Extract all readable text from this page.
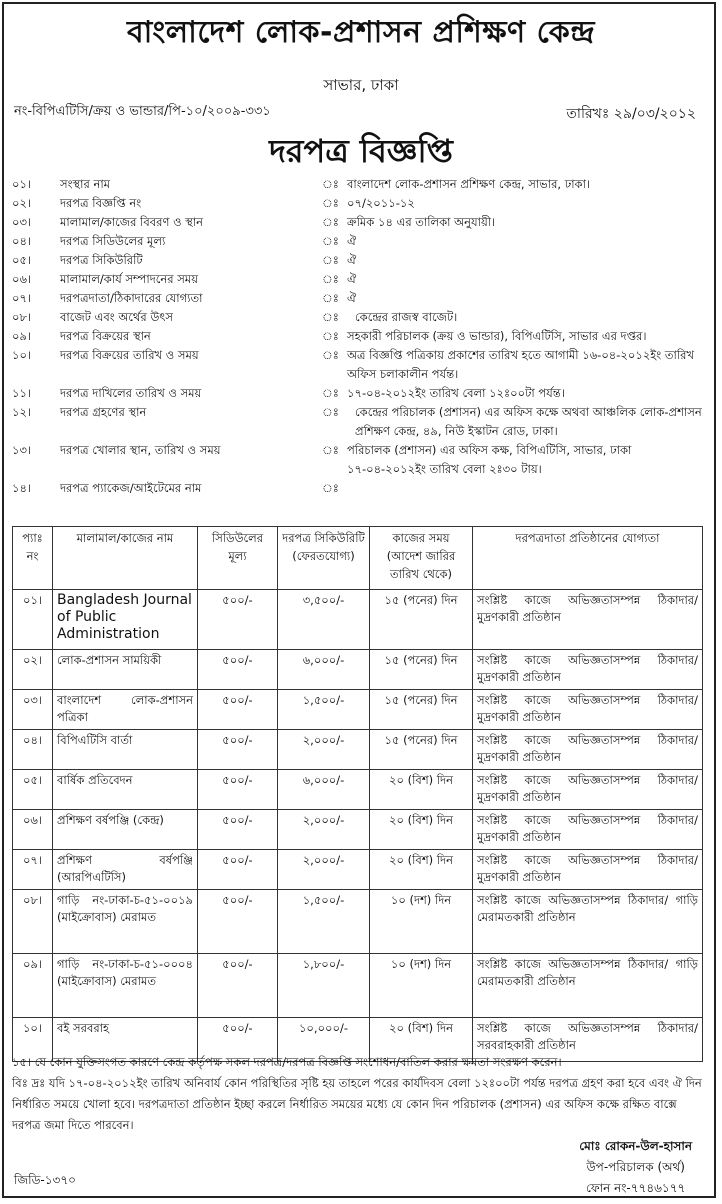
বাংলাদেশ লোক-প্রশাসন প্রশিক্ষণ কেন্দ্র
সাভার, ঢাকা
নং-বিপিএটিসি/ক্রয় ও ভান্ডার/পি-১০/২০০৯-৩৩১	তারিখঃ ২৯/০৩/২০১২
দরপত্র বিজ্ঞপ্তি
০১।	সংস্থার নাম	ঃ বাংলাদেশ লোক-প্রশাসন প্রশিক্ষণ কেন্দ্র, সাভার, ঢাকা।
০২।	দরপত্র বিজ্ঞপ্তি নং	ঃ ০৭/২০১১-১২
০৩।	মালামাল/কাজের বিবরণ ও স্থান	ঃ ক্রমিক ১৪ এর তালিকা অনুযায়ী।
০৪।	দরপত্র সিডিউলের মূল্য	ঃ ঐ
০৫।	দরপত্র সিকিউরিটি	ঃ ঐ
০৬।	মালামাল/কার্য সম্পাদনের সময়	ঃ ঐ
০৭।	দরপত্রদাতা/ঠিকাদারের যোগ্যতা	ঃ ঐ
০৮।	বাজেট এবং অর্থের উৎস	ঃ	কেন্দ্রের রাজস্ব বাজেট।
০৯।	দরপত্র বিক্রয়ের স্থান	ঃ সহকারী পরিচালক (ক্রয় ও ভান্ডার), বিপিএটিসি, সাভার এর দপ্তর।
১০।	দরপত্র বিক্রয়ের তারিখ ও সময়	ঃ অত্র বিজ্ঞপ্তি পত্রিকায় প্রকাশের তারিখ হতে আগামী ১৬-০৪-২০১২ইং তারিখ অফিস চলাকালীন পর্যন্ত।
১১।	দরপত্র দাখিলের তারিখ ও সময়	ঃ ১৭-০৪-২০১২ইং তারিখ বেলা ১২ঃ০০টা পর্যন্ত।
১২।	দরপত্র গ্রহণের স্থান	ঃ	কেন্দ্রের পরিচালক (প্রশাসন) এর অফিস কক্ষে অথবা আঞ্চলিক লোক-প্রশাসন প্রশিক্ষণ কেন্দ্র, ৪৯, নিউ ইস্কাটন রোড, ঢাকা।
১৩।	দরপত্র খোলার স্থান, তারিখ ও সময়	ঃ পরিচালক (প্রশাসন) এর অফিস কক্ষ, বিপিএটিসি, সাভার, ঢাকা ১৭-০৪-২০১২ইং তারিখ বেলা ২ঃ৩০ টায়।
১৪।	দরপত্র প্যাকেজ/আইটেমের নাম	ঃ
প্যাঃ নং	মালামাল/কাজের নাম	সিডিউলের মূল্য	দরপত্র সিকিউরিটি (ফেরতযোগ্য)	কাজের সময় (আদেশ জারির তারিখ থেকে)	দরপত্রদাতা প্রতিষ্ঠানের যোগ্যতা
০১।	Bangladesh Journal of Public Administration	৫০০/-	৩,৫০০/-	১৫ (পনের) দিন	সংশ্লিষ্ট কাজে অভিজ্ঞতাসম্পন্ন ঠিকাদার/মুদ্রণকারী প্রতিষ্ঠান
০২।	লোক-প্রশাসন সাময়িকী	৫০০/-	৬,০০০/-	১৫ (পনের) দিন	সংশ্লিষ্ট কাজে অভিজ্ঞতাসম্পন্ন ঠিকাদার/ মুদ্রণকারী প্রতিষ্ঠান
০৩।	বাংলাদেশ লোক-প্রশাসন পত্রিকা	৫০০/-	১,৫০০/-	১৫ (পনের) দিন	সংশ্লিষ্ট কাজে অভিজ্ঞতাসম্পন্ন ঠিকাদার/ মুদ্রণকারী প্রতিষ্ঠান
০৪।	বিপিএটিসি বার্তা	৫০০/-	২,০০০/-	১৫ (পনের) দিন	সংশ্লিষ্ট কাজে অভিজ্ঞতাসম্পন্ন ঠিকাদার/ মুদ্রণকারী প্রতিষ্ঠান
০৫।	বার্ষিক প্রতিবেদন	৫০০/-	৬,০০০/-	২০ (বিশ) দিন	সংশ্লিষ্ট কাজে অভিজ্ঞতাসম্পন্ন ঠিকাদার/ মুদ্রণকারী প্রতিষ্ঠান
০৬।	প্রশিক্ষণ বর্ষপঞ্জি (কেন্দ্র)	৫০০/-	২,০০০/-	২০ (বিশ) দিন	সংশ্লিষ্ট কাজে অভিজ্ঞতাসম্পন্ন ঠিকাদার/ মুদ্রণকারী প্রতিষ্ঠান
০৭।	প্রশিক্ষণ বর্ষপঞ্জি (আরপিএটিসি)	৫০০/-	২,০০০/-	২০ (বিশ) দিন	সংশ্লিষ্ট কাজে অভিজ্ঞতাসম্পন্ন ঠিকাদার/ মুদ্রণকারী প্রতিষ্ঠান
০৮।	গাড়ি নং-ঢাকা-চ-৫১-০০১৯ (মাইক্রোবাস) মেরামত	৫০০/-	১,৫০০/-	১০ (দশ) দিন	সংশ্লিষ্ট কাজে অভিজ্ঞতাসম্পন্ন ঠিকাদার/ গাড়ি মেরামতকারী প্রতিষ্ঠান
০৯।	গাড়ি নং-ঢাকা-চ-৫১-০০০৪ (মাইক্রোবাস) মেরামত	৫০০/-	১,৮০০/-	১০ (দশ) দিন	সংশ্লিষ্ট কাজে অভিজ্ঞতাসম্পন্ন ঠিকাদার/ গাড়ি মেরামতকারী প্রতিষ্ঠান
১০।	বই সরবরাহ	৫০০/-	১০,০০০/-	২০ (বিশ) দিন	সংশ্লিষ্ট কাজে অভিজ্ঞতাসম্পন্ন ঠিকাদার/ সরবরাহকারী প্রতিষ্ঠান
১৫। যে কোন যুক্তিসংগত কারণে কেন্দ্র কর্তৃপক্ষ সকল দরপত্র/দরপত্র বিজ্ঞপ্তি সংশোধন/বাতিল করার ক্ষমতা সংরক্ষণ করেন।
বিঃ দ্রঃ যদি ১৭-০৪-২০১২ইং তারিখ অনিবার্য কোন পরিস্থিতির সৃষ্টি হয় তাহলে পরের কার্যদিবস বেলা ১২ঃ০০টা পর্যন্ত দরপত্র গ্রহণ করা হবে এবং ঐ দিন নির্ধারিত সময়ে খোলা হবে। দরপত্রদাতা প্রতিষ্ঠান ইচ্ছা করলে নির্ধারিত সময়ের মধ্যে যে কোন দিন পরিচালক (প্রশাসন) এর অফিস কক্ষে রক্ষিত বাক্সে দরপত্র জমা দিতে পারবেন।
মোঃ রোকন-উল-হাসান
উপ-পরিচালক (অর্থ)
ফোন নং-৭৭৪৬১৭৭
জিডি-১৩৭০
